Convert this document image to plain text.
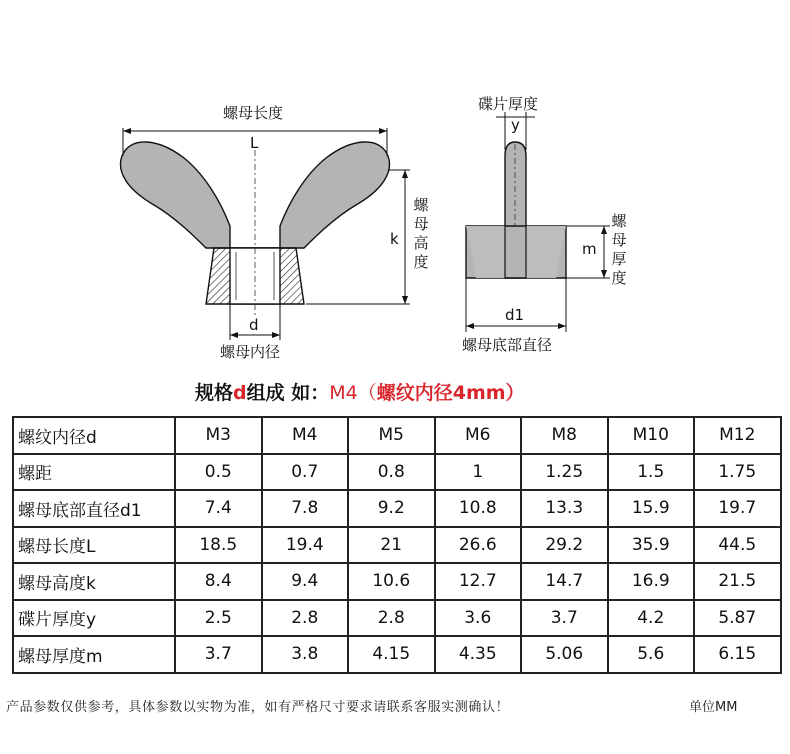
螺母长度
L
k
螺
母
高
度
d
螺母内径
碟片厚度
y
m
螺
母
厚
度
d1
螺母底部直径
规格d组成 如：M4（螺纹内径4mm）
螺纹内径d	M3	M4	M5	M6	M8	M10	M12
螺距	0.5	0.7	0.8	1	1.25	1.5	1.75
螺母底部直径d1	7.4	7.8	9.2	10.8	13.3	15.9	19.7
螺母长度L	18.5	19.4	21	26.6	29.2	35.9	44.5
螺母高度k	8.4	9.4	10.6	12.7	14.7	16.9	21.5
碟片厚度y	2.5	2.8	2.8	3.6	3.7	4.2	5.87
螺母厚度m	3.7	3.8	4.15	4.35	5.06	5.6	6.15
产品参数仅供参考，具体参数以实物为准，如有严格尺寸要求请联系客服实测确认！	单位MM
